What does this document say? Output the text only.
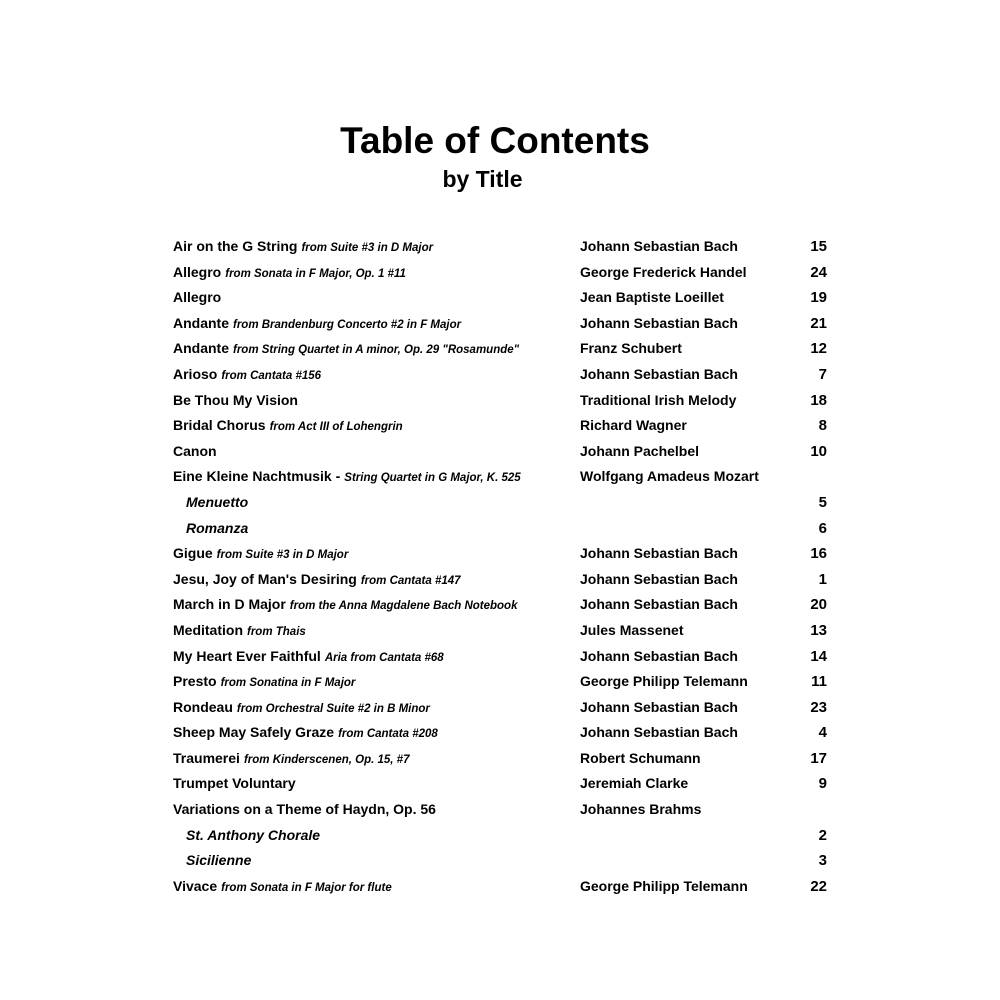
Table of Contents
by Title
Air on the G String from Suite #3 in D Major	Johann Sebastian Bach	15
Allegro from Sonata in F Major, Op. 1 #11	George Frederick Handel	24
Allegro	Jean Baptiste Loeillet	19
Andante from Brandenburg Concerto #2 in F Major	Johann Sebastian Bach	21
Andante from String Quartet in A minor, Op. 29 "Rosamunde"	Franz Schubert	12
Arioso from Cantata #156	Johann Sebastian Bach	7
Be Thou My Vision	Traditional Irish Melody	18
Bridal Chorus from Act III of Lohengrin	Richard Wagner	8
Canon	Johann Pachelbel	10
Eine Kleine Nachtmusik - String Quartet in G Major, K. 525	Wolfgang Amadeus Mozart
Menuetto	5
Romanza	6
Gigue from Suite #3 in D Major	Johann Sebastian Bach	16
Jesu, Joy of Man's Desiring from Cantata #147	Johann Sebastian Bach	1
March in D Major from the Anna Magdalene Bach Notebook	Johann Sebastian Bach	20
Meditation from Thais	Jules Massenet	13
My Heart Ever Faithful Aria from Cantata #68	Johann Sebastian Bach	14
Presto from Sonatina in F Major	George Philipp Telemann	11
Rondeau from Orchestral Suite #2 in B Minor	Johann Sebastian Bach	23
Sheep May Safely Graze from Cantata #208	Johann Sebastian Bach	4
Traumerei from Kinderscenen, Op. 15, #7	Robert Schumann	17
Trumpet Voluntary	Jeremiah Clarke	9
Variations on a Theme of Haydn, Op. 56	Johannes Brahms
St. Anthony Chorale	2
Sicilienne	3
Vivace from Sonata in F Major for flute	George Philipp Telemann	22
